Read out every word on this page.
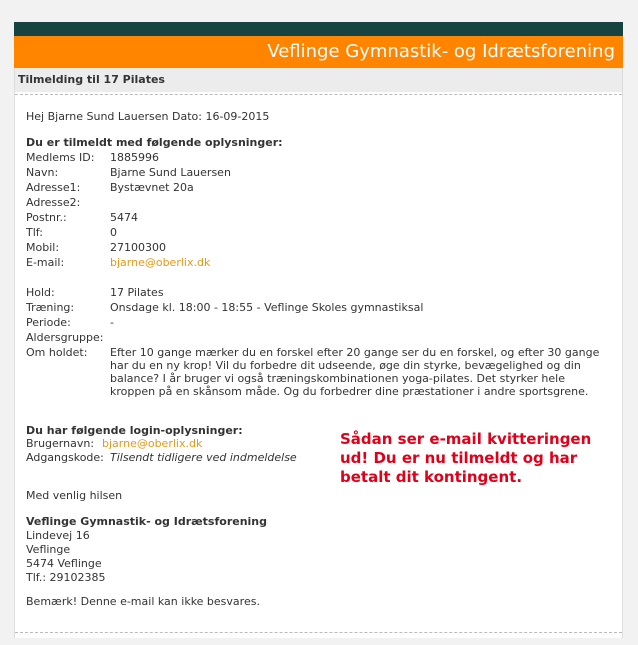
Veflinge Gymnastik- og Idrætsforening
Tilmelding til 17 Pilates
Hej Bjarne Sund Lauersen Dato: 16-09-2015
Du er tilmeldt med følgende oplysninger:
Medlems ID: 1885996
Navn:	Bjarne Sund Lauersen
Adresse1:	Bystævnet 20a
Adresse2:
Postnr.:	5474
Tlf:	0
Mobil:	27100300
E-mail:	bjarne@oberlix.dk
Hold:	17 Pilates
Træning:	Onsdage kl. 18:00 - 18:55 - Veflinge Skoles gymnastiksal
Periode:	-
Aldersgruppe:
Om holdet: Efter 10 gange mærker du en forskel efter 20 gange ser du en forskel, og efter 30 gange har du en ny krop! Vil du forbedre dit udseende, øge din styrke, bevægelighed og din balance? I år bruger vi også træningskombinationen yoga-pilates. Det styrker hele kroppen på en skånsom måde. Og du forbedrer dine præstationer i andre sportsgrene.
Du har følgende login-oplysninger:
Brugernavn: bjarne@oberlix.dk
Adgangskode: Tilsendt tidligere ved indmeldelse
Sådan ser e-mail kvitteringen ud! Du er nu tilmeldt og har betalt dit kontingent.
Med venlig hilsen
Veflinge Gymnastik- og Idrætsforening
Lindevej 16
Veflinge
5474 Veflinge
Tlf.: 29102385
Bemærk! Denne e-mail kan ikke besvares.
